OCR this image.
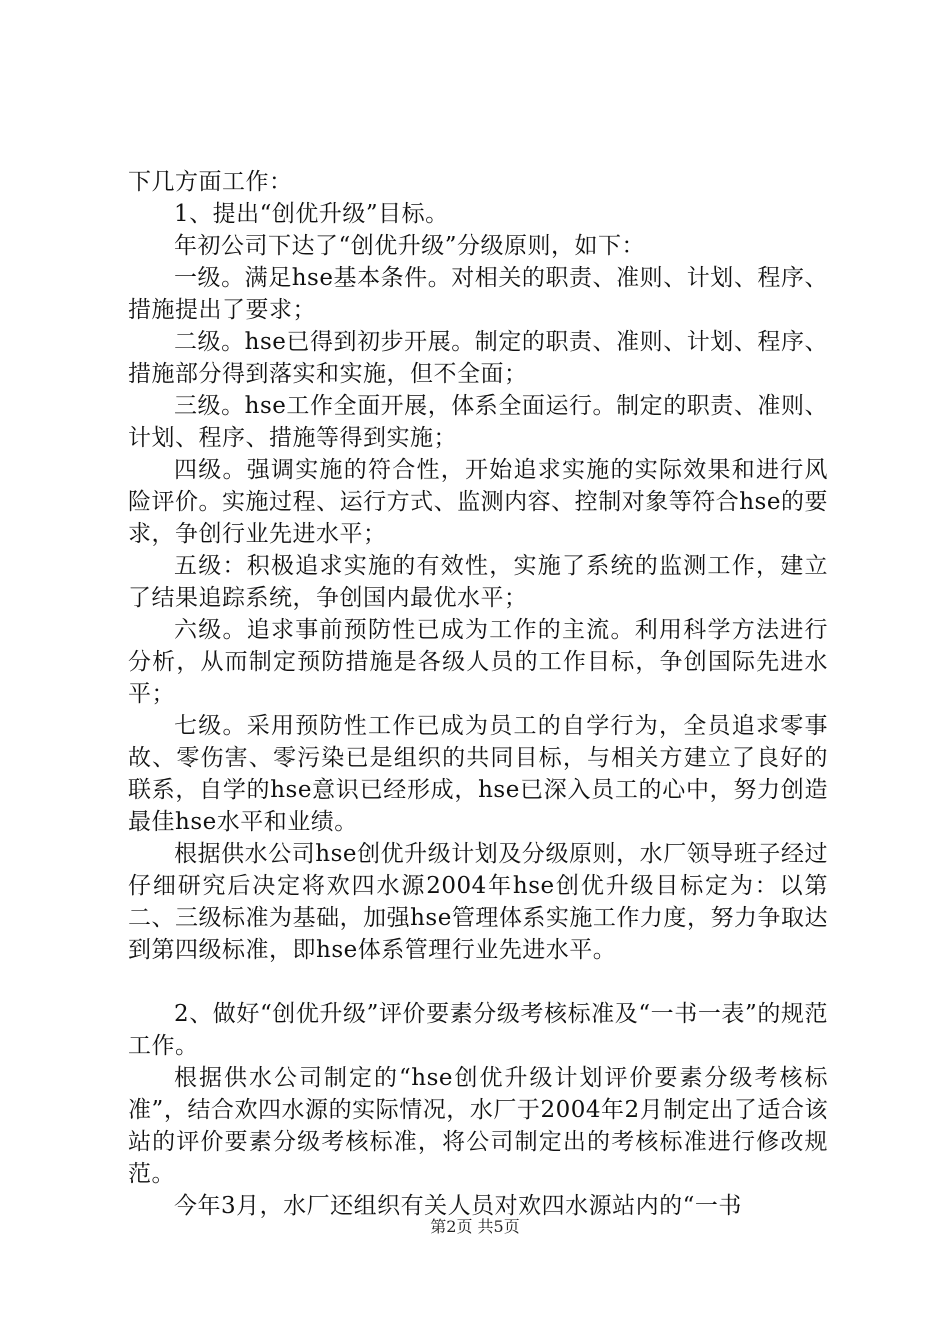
下几方面工作：

1、提出“创优升级”目标。

年初公司下达了“创优升级”分级原则，如下：

一级。满足hse基本条件。对相关的职责、准则、计划、程序、措施提出了要求；

二级。hse已得到初步开展。制定的职责、准则、计划、程序、措施部分得到落实和实施，但不全面；

三级。hse工作全面开展，体系全面运行。制定的职责、准则、计划、程序、措施等得到实施；

四级。强调实施的符合性，开始追求实施的实际效果和进行风险评价。实施过程、运行方式、监测内容、控制对象等符合hse的要求，争创行业先进水平；

五级：积极追求实施的有效性，实施了系统的监测工作，建立了结果追踪系统，争创国内最优水平；

六级。追求事前预防性已成为工作的主流。利用科学方法进行分析，从而制定预防措施是各级人员的工作目标，争创国际先进水平；

七级。采用预防性工作已成为员工的自学行为，全员追求零事故、零伤害、零污染已是组织的共同目标，与相关方建立了良好的联系，自学的hse意识已经形成，hse已深入员工的心中，努力创造最佳hse水平和业绩。

根据供水公司hse创优升级计划及分级原则，水厂领导班子经过仔细研究后决定将欢四水源2004年hse创优升级目标定为：以第二、三级标准为基础，加强hse管理体系实施工作力度，努力争取达到第四级标准，即hse体系管理行业先进水平。

2、做好“创优升级”评价要素分级考核标准及“一书一表”的规范工作。

根据供水公司制定的“hse创优升级计划评价要素分级考核标准”，结合欢四水源的实际情况，水厂于2004年2月制定出了适合该站的评价要素分级考核标准，将公司制定出的考核标准进行修改规范。

今年3月，水厂还组织有关人员对欢四水源站内的“一书

第2页 共5页
